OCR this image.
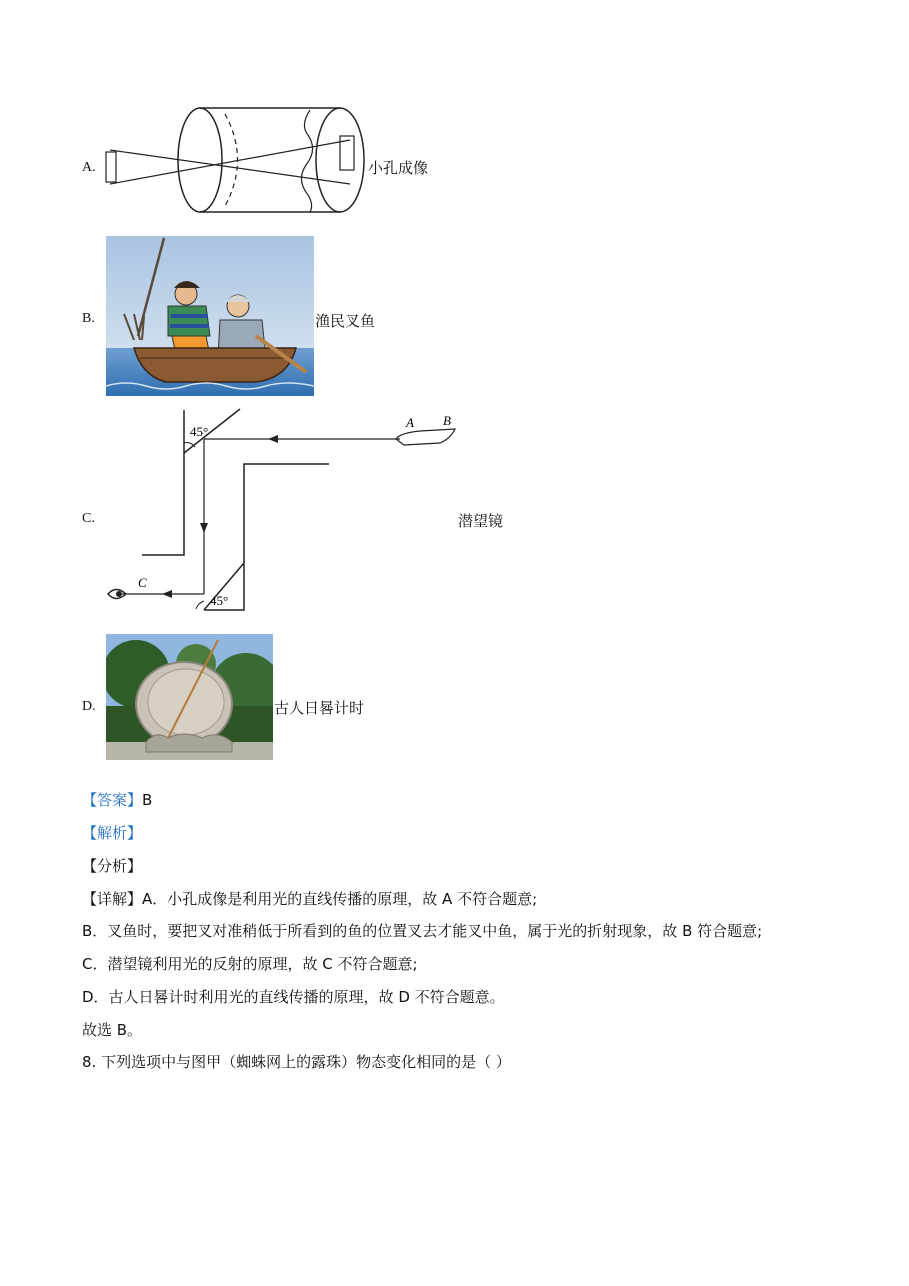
A.	小孔成像
B.	渔民叉鱼
C.
45°
45°
A B
C
潜望镜
D.	古人日晷计时
【答案】B
【解析】
【分析】
【详解】A．小孔成像是利用光的直线传播的原理，故 A 不符合题意;
B．叉鱼时，要把叉对准稍低于所看到的鱼的位置叉去才能叉中鱼，属于光的折射现象，故 B 符合题意;
C．潜望镜利用光的反射的原理，故 C 不符合题意;
D．古人日晷计时利用光的直线传播的原理，故 D 不符合题意。
故选 B。
8. 下列选项中与图甲（蜘蛛网上的露珠）物态变化相同的是（ ）
